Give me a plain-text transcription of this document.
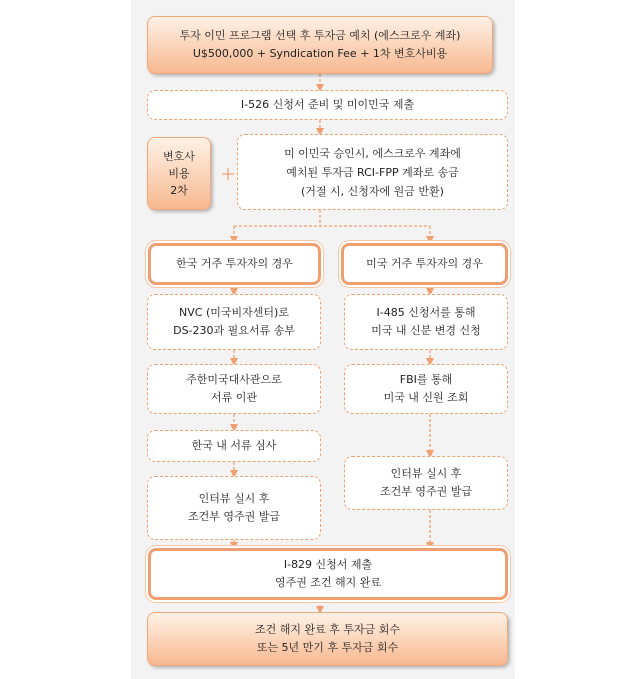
투자 이민 프로그램 선택 후 투자금 예치 (에스크로우 계좌)
U$500,000 + Syndication Fee + 1차 변호사비용
I-526 신청서 준비 및 미이민국 제출
변호사
비용
2차
미 이민국 승인시, 에스크로우 계좌에
예치된 투자금 RCI-FPP 계좌로 송금
(거절 시, 신청자에 원금 반환)
한국 거주 투자자의 경우	미국 거주 투자자의 경우
NVC (미국비자센터)로
DS-230과 필요서류 송부
I-485 신청서를 통해
미국 내 신분 변경 신청
주한미국대사관으로
서류 이관
FBI를 통해
미국 내 신원 조회
한국 내 서류 심사
인터뷰 실시 후
조건부 영주권 발급
인터뷰 실시 후
조건부 영주권 발급
I-829 신청서 제출
영주권 조건 해지 완료
조건 해지 완료 후 투자금 회수
또는 5년 만기 후 투자금 회수
